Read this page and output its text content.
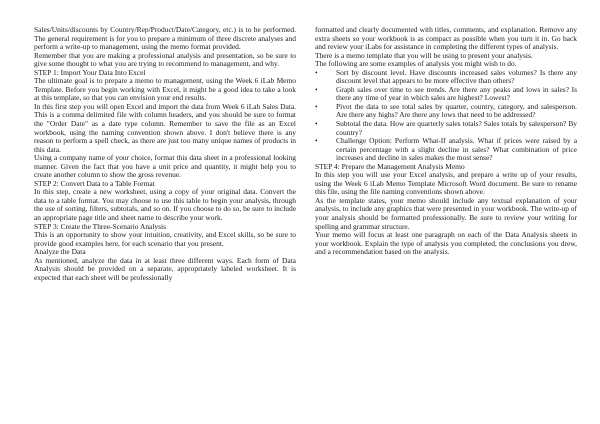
Sales/Units/discounts by Country/Rep/Product/Date/Category, etc.) is to be performed. The general requirement is for you to prepare a minimum of three discrete analyses and perform a write-up to management, using the memo format provided.
Remember that you are making a professional analysis and presentation, so be sure to give some thought to what you are trying to recommend to management, and why.
STEP 1: Import Your Data Into Excel
The ultimate goal is to prepare a memo to management, using the Week 6 iLab Memo Template. Before you begin working with Excel, it might be a good idea to take a look at this template, so that you can envision your end results.
In this first step you will open Excel and import the data from Week 6 iLab Sales Data. This is a comma delimited file with column headers, and you should be sure to format the "Order Date" as a date type column. Remember to save the file as an Excel workbook, using the naming convention shown above. I don't believe there is any reason to perform a spell check, as there are just too many unique names of products in this data.
Using a company name of your choice, format this data sheet in a professional looking manner. Given the fact that you have a unit price and quantity, it might help you to create another column to show the gross revenue.
STEP 2: Convert Data to a Table Format
In this step, create a new worksheet, using a copy of your original data. Convert the data to a table format. You may choose to use this table to begin your analysis, through the use of sorting, filters, subtotals, and so on. If you choose to do so, be sure to include an appropriate page title and sheet name to describe your work.
STEP 3: Create the Three-Scenario Analysis
This is an opportunity to show your intuition, creativity, and Excel skills, so be sure to provide good examples here, for each scenario that you present.
Analyze the Data
As mentioned, analyze the data in at least three different ways. Each form of Data Analysis should be provided on a separate, appropriately labeled worksheet. It is expected that each sheet will be professionally
formatted and clearly documented with titles, comments, and explanation. Remove any extra sheets so your workbook is as compact as possible when you turn it in. Go back and review your iLabs for assistance in completing the different types of analysis.
There is a memo template that you will be using to present your analysis.
The following are some examples of analysis you might wish to do.
•	Sort by discount level. Have discounts increased sales volumes? Is there any discount level that appears to be more effective than others?
•	Graph sales over time to see trends. Are there any peaks and lows in sales? Is there any time of year in which sales are highest? Lowest?
•	Pivot the data to see total sales by quarter, country, category, and salesperson. Are there any highs? Are there any lows that need to be addressed?
•	Subtotal the data. How are quarterly sales totals? Sales totals by salesperson? By country?
•	Challenge Option: Perform What-If analysis. What if prices were raised by a certain percentage with a slight decline in sales? What combination of price increases and decline in sales makes the most sense?
STEP 4: Prepare the Management Analysis Memo
In this step you will use your Excel analysis, and prepare a write up of your results, using the Week 6 iLab Memo Template Microsoft Word document. Be sure to rename this file, using the file naming conventions shown above.
As the template states, your memo should include any textual explanation of your analysis, to include any graphics that were presented in your workbook. The write-up of your analysis should be formatted professionally. Be sure to review your writing for spelling and grammar structure.
Your memo will focus at least one paragraph on each of the Data Analysis sheets in your workbook. Explain the type of analysis you completed, the conclusions you drew, and a recommendation based on the analysis.
